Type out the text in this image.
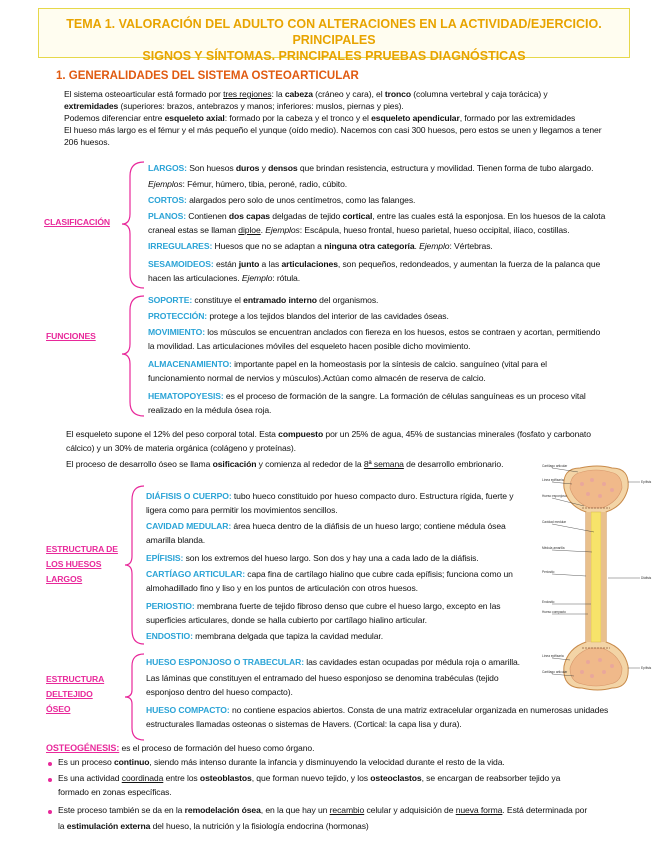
TEMA 1. VALORACIÓN DEL ADULTO CON ALTERACIONES EN LA ACTIVIDAD/EJERCICIO. PRINCIPALES
SIGNOS Y SÍNTOMAS. PRINCIPALES PRUEBAS DIAGNÓSTICAS
1. GENERALIDADES DEL SISTEMA OSTEOARTICULAR

El sistema osteoarticular está formado por tres regiones: la cabeza (cráneo y cara), el tronco (columna vertebral y caja torácica) y

extremidades (superiores: brazos, antebrazos y manos; inferiores: muslos, piernas y pies).

Podemos diferenciar entre esqueleto axial: formado por la cabeza y el tronco y el esqueleto apendicular, formado por las extremidades

El hueso más largo es el fémur y el más pequeño el yunque (oído medio). Nacemos con casi 300 huesos, pero estos se unen y llegamos a tener

206 huesos.

CLASIFICACIÓN

LARGOS: Son huesos duros y densos que brindan resistencia, estructura y movilidad. Tienen forma de tubo alargado.

Ejemplos: Fémur, húmero, tibia, peroné, radio, cúbito.

CORTOS: alargados pero solo de unos centímetros, como las falanges.

PLANOS: Contienen dos capas delgadas de tejido cortical, entre las cuales está la esponjosa. En los huesos de la calota

craneal estas se llaman diploe. Ejemplos: Escápula, hueso frontal, hueso parietal, hueso occipital, ilíaco, costillas.

IRREGULARES: Huesos que no se adaptan a ninguna otra categoría. Ejemplo: Vértebras.

SESAMOIDEOS: están junto a las articulaciones, son pequeños, redondeados, y aumentan la fuerza de la palanca que

hacen las articulaciones. Ejemplo: rótula.

FUNCIONES

SOPORTE: constituye el entramado interno del organismos.

PROTECCIÓN: protege a los tejidos blandos del interior de las cavidades óseas.

MOVIMIENTO: los músculos se encuentran anclados con fiereza en los huesos, estos se contraen y acortan, permitiendo

la movilidad. Las articulaciones móviles del esqueleto hacen posible dicho movimiento.

ALMACENAMIENTO: importante papel en la homeostasis por la síntesis de calcio. sanguíneo (vital para el

funcionamiento normal de nervios y músculos).Actúan como almacén de reserva de calcio.

HEMATOPOYESIS: es el proceso de formación de la sangre. La formación de células sanguíneas es un proceso vital

realizado en la médula ósea roja.

El esqueleto supone el 12% del peso corporal total. Esta compuesto por un 25% de agua, 45% de sustancias minerales (fosfato y carbonato

cálcico) y un 30% de materia orgánica (colágeno y proteínas).

El proceso de desarrollo óseo se llama osificación y comienza al rededor de la 8ª semana de desarrollo embrionario.

ESTRUCTURA DE
LOS HUESOS
LARGOS

DIÁFISIS O CUERPO: tubo hueco constituido por hueso compacto duro. Estructura rígida, fuerte y

ligera como para permitir los movimientos sencillos.

CAVIDAD MEDULAR: área hueca dentro de la diáfisis de un hueso largo; contiene médula ósea

amarilla blanda.

EPÍFISIS: son los extremos del hueso largo. Son dos y hay una a cada lado de la diáfisis.

CARTÍAGO ARTICULAR: capa fina de cartílago hialino que cubre cada epífisis; funciona como un

almohadillado fino y liso y en los puntos de articulación con otros huesos.

PERIOSTIO: membrana fuerte de tejido fibroso denso que cubre el hueso largo, excepto en las

superficies articulares, donde se halla cubierto por cartílago hialino articular.

ENDOSTIO: membrana delgada que tapiza la cavidad medular.

ESTRUCTURA
DELTEJIDO
ÓSEO

HUESO ESPONJOSO O TRABECULAR: las cavidades estan ocupadas por médula roja o amarilla.

Las láminas que constituyen el entramado del hueso esponjoso se denomina trabéculas (tejido

esponjoso dentro del hueso compacto).

HUESO COMPACTO: no contiene espacios abiertos. Consta de una matriz extracelular organizada en numerosas unidades

estructurales llamadas osteonas o sistemas de Havers. (Cortical: la capa lisa y dura).

OSTEOGÉNESIS: es el proceso de formación del hueso como órgano.

Es un proceso continuo, siendo más intenso durante la infancia y disminuyendo la velocidad durante el resto de la vida.

Es una actividad coordinada entre los osteoblastos, que forman nuevo tejido, y los osteoclastos, se encargan de reabsorber tejido ya

formado en zonas específicas.

Este proceso también se da en la remodelación ósea, en la que hay un recambio celular y adquisición de nueva forma. Está determinada por

la estimulación externa del hueso, la nutrición y la fisiología endocrina (hormonas)

Cartílago articular
Línea epifisaria
Hueso esponjoso
Cavidad medular
Médula amarilla
Periostio
Endostio
Hueso compacto
Línea epifisaria
Cartílago articular
Epífisis
Diáfisis
Epífisis
